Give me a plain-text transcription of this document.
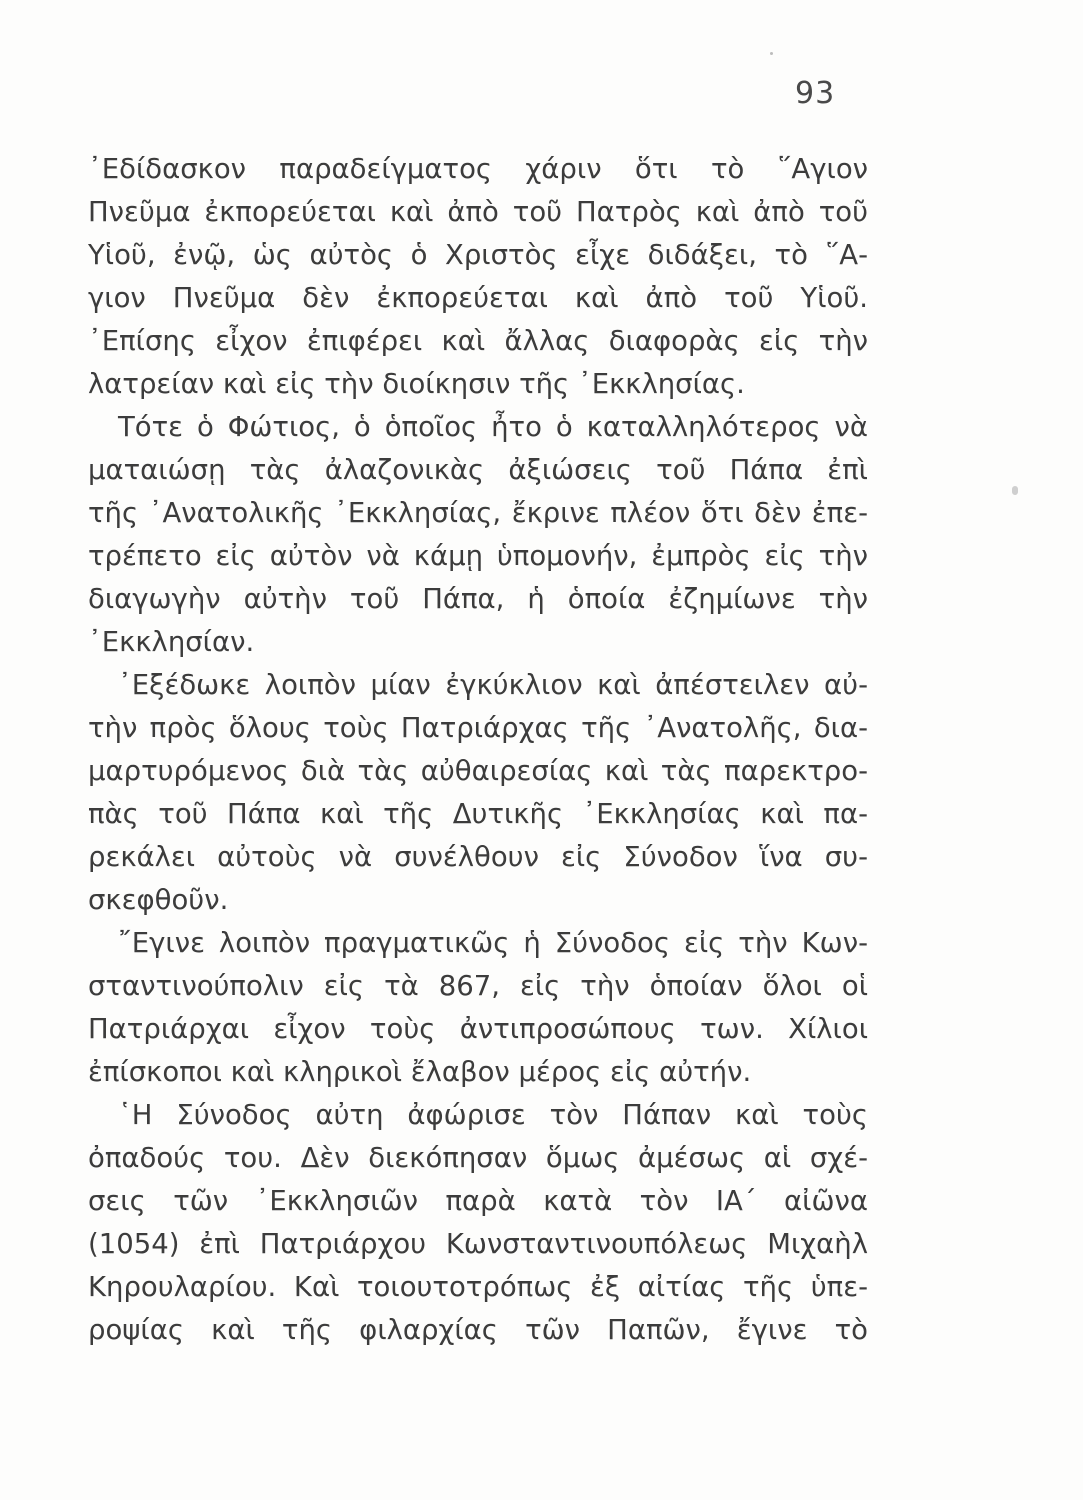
93
᾿Εδίδασκον παραδείγματος χάριν ὅτι τὸ ῞Αγιον
Πνεῦμα ἐκπορεύεται καὶ ἀπὸ τοῦ Πατρὸς καὶ ἀπὸ τοῦ
Υἱοῦ, ἐνῷ, ὡς αὐτὸς ὁ Χριστὸς εἶχε διδάξει, τὸ ῞Α-
γιον Πνεῦμα δὲν ἐκπορεύεται καὶ ἀπὸ τοῦ Υἱοῦ.
᾿Επίσης εἶχον ἐπιφέρει καὶ ἄλλας διαφορὰς εἰς τὴν
λατρείαν καὶ εἰς τὴν διοίκησιν τῆς ᾿Εκκλησίας.
Τότε ὁ Φώτιος, ὁ ὁποῖος ἦτο ὁ καταλληλότερος νὰ
ματαιώσῃ τὰς ἀλαζονικὰς ἀξιώσεις τοῦ Πάπα ἐπὶ
τῆς ᾿Ανατολικῆς ᾿Εκκλησίας, ἔκρινε πλέον ὅτι δὲν ἐπε-
τρέπετο εἰς αὐτὸν νὰ κάμῃ ὑπομονήν, ἐμπρὸς εἰς τὴν
διαγωγὴν αὐτὴν τοῦ Πάπα, ἡ ὁποία ἐζημίωνε τὴν
᾿Εκκλησίαν.
᾿Εξέδωκε λοιπὸν μίαν ἐγκύκλιον καὶ ἀπέστειλεν αὐ-
τὴν πρὸς ὅλους τοὺς Πατριάρχας τῆς ᾿Ανατολῆς, δια-
μαρτυρόμενος διὰ τὰς αὐθαιρεσίας καὶ τὰς παρεκτρο-
πὰς τοῦ Πάπα καὶ τῆς Δυτικῆς ᾿Εκκλησίας καὶ πα-
ρεκάλει αὐτοὺς νὰ συνέλθουν εἰς Σύνοδον ἵνα συ-
σκεφθοῦν.
῎Εγινε λοιπὸν πραγματικῶς ἡ Σύνοδος εἰς τὴν Κων-
σταντινούπολιν εἰς τὰ 867, εἰς τὴν ὁποίαν ὅλοι οἱ
Πατριάρχαι εἶχον τοὺς ἀντιπροσώπους των. Χίλιοι
ἐπίσκοποι καὶ κληρικοὶ ἔλαβον μέρος εἰς αὐτήν.
῾Η Σύνοδος αὐτη ἀφώρισε τὸν Πάπαν καὶ τοὺς
ὀπαδούς του. Δὲν διεκόπησαν ὅμως ἀμέσως αἱ σχέ-
σεις τῶν ᾿Εκκλησιῶν παρὰ κατὰ τὸν ΙΑ΄ αἰῶνα
(1054) ἐπὶ Πατριάρχου Κωνσταντινουπόλεως Μιχαὴλ
Κηρουλαρίου. Καὶ τοιουτοτρόπως ἐξ αἰτίας τῆς ὑπε-
ροψίας καὶ τῆς φιλαρχίας τῶν Παπῶν, ἔγινε τὸ
